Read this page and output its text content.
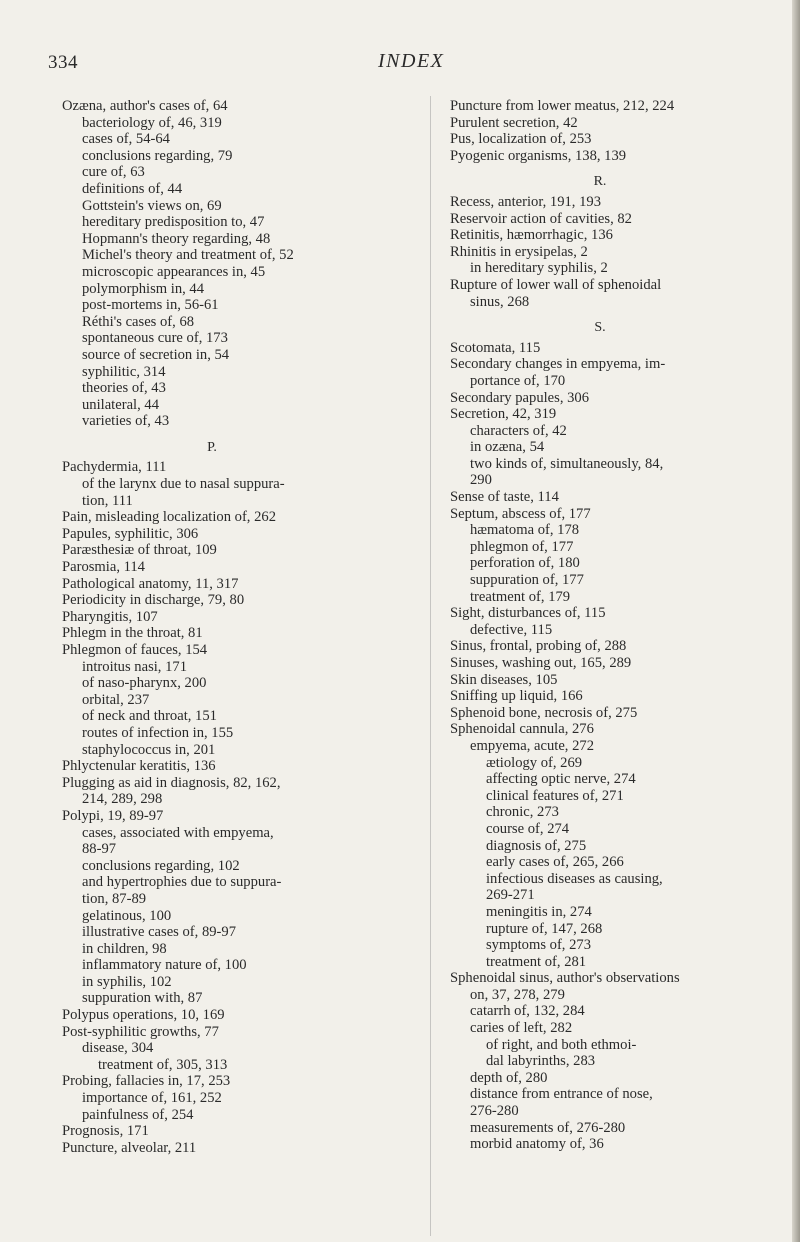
334	INDEX
Ozæna, author's cases of, 64
bacteriology of, 46, 319
cases of, 54-64
conclusions regarding, 79
cure of, 63
definitions of, 44
Gottstein's views on, 69
hereditary predisposition to, 47
Hopmann's theory regarding, 48
Michel's theory and treatment of, 52
microscopic appearances in, 45
polymorphism in, 44
post-mortems in, 56-61
Réthi's cases of, 68
spontaneous cure of, 173
source of secretion in, 54
syphilitic, 314
theories of, 43
unilateral, 44
varieties of, 43
P.
Pachydermia, 111
of the larynx due to nasal suppura-
tion, 111
Pain, misleading localization of, 262
Papules, syphilitic, 306
Paræsthesiæ of throat, 109
Parosmia, 114
Pathological anatomy, 11, 317
Periodicity in discharge, 79, 80
Pharyngitis, 107
Phlegm in the throat, 81
Phlegmon of fauces, 154
introitus nasi, 171
of naso-pharynx, 200
orbital, 237
of neck and throat, 151
routes of infection in, 155
staphylococcus in, 201
Phlyctenular keratitis, 136
Plugging as aid in diagnosis, 82, 162,
214, 289, 298
Polypi, 19, 89-97
cases, associated with empyema,
88-97
conclusions regarding, 102
and hypertrophies due to suppura-
tion, 87-89
gelatinous, 100
illustrative cases of, 89-97
in children, 98
inflammatory nature of, 100
in syphilis, 102
suppuration with, 87
Polypus operations, 10, 169
Post-syphilitic growths, 77
disease, 304
treatment of, 305, 313
Probing, fallacies in, 17, 253
importance of, 161, 252
painfulness of, 254
Prognosis, 171
Puncture, alveolar, 211
Puncture from lower meatus, 212, 224
Purulent secretion, 42
Pus, localization of, 253
Pyogenic organisms, 138, 139
R.
Recess, anterior, 191, 193
Reservoir action of cavities, 82
Retinitis, hæmorrhagic, 136
Rhinitis in erysipelas, 2
in hereditary syphilis, 2
Rupture of lower wall of sphenoidal
sinus, 268
S.
Scotomata, 115
Secondary changes in empyema, im-
portance of, 170
Secondary papules, 306
Secretion, 42, 319
characters of, 42
in ozæna, 54
two kinds of, simultaneously, 84,
290
Sense of taste, 114
Septum, abscess of, 177
hæmatoma of, 178
phlegmon of, 177
perforation of, 180
suppuration of, 177
treatment of, 179
Sight, disturbances of, 115
defective, 115
Sinus, frontal, probing of, 288
Sinuses, washing out, 165, 289
Skin diseases, 105
Sniffing up liquid, 166
Sphenoid bone, necrosis of, 275
Sphenoidal cannula, 276
empyema, acute, 272
ætiology of, 269
affecting optic nerve, 274
clinical features of, 271
chronic, 273
course of, 274
diagnosis of, 275
early cases of, 265, 266
infectious diseases as causing,
269-271
meningitis in, 274
rupture of, 147, 268
symptoms of, 273
treatment of, 281
Sphenoidal sinus, author's observations
on, 37, 278, 279
catarrh of, 132, 284
caries of left, 282
of right, and both ethmoi-
dal labyrinths, 283
depth of, 280
distance from entrance of nose,
276-280
measurements of, 276-280
morbid anatomy of, 36
